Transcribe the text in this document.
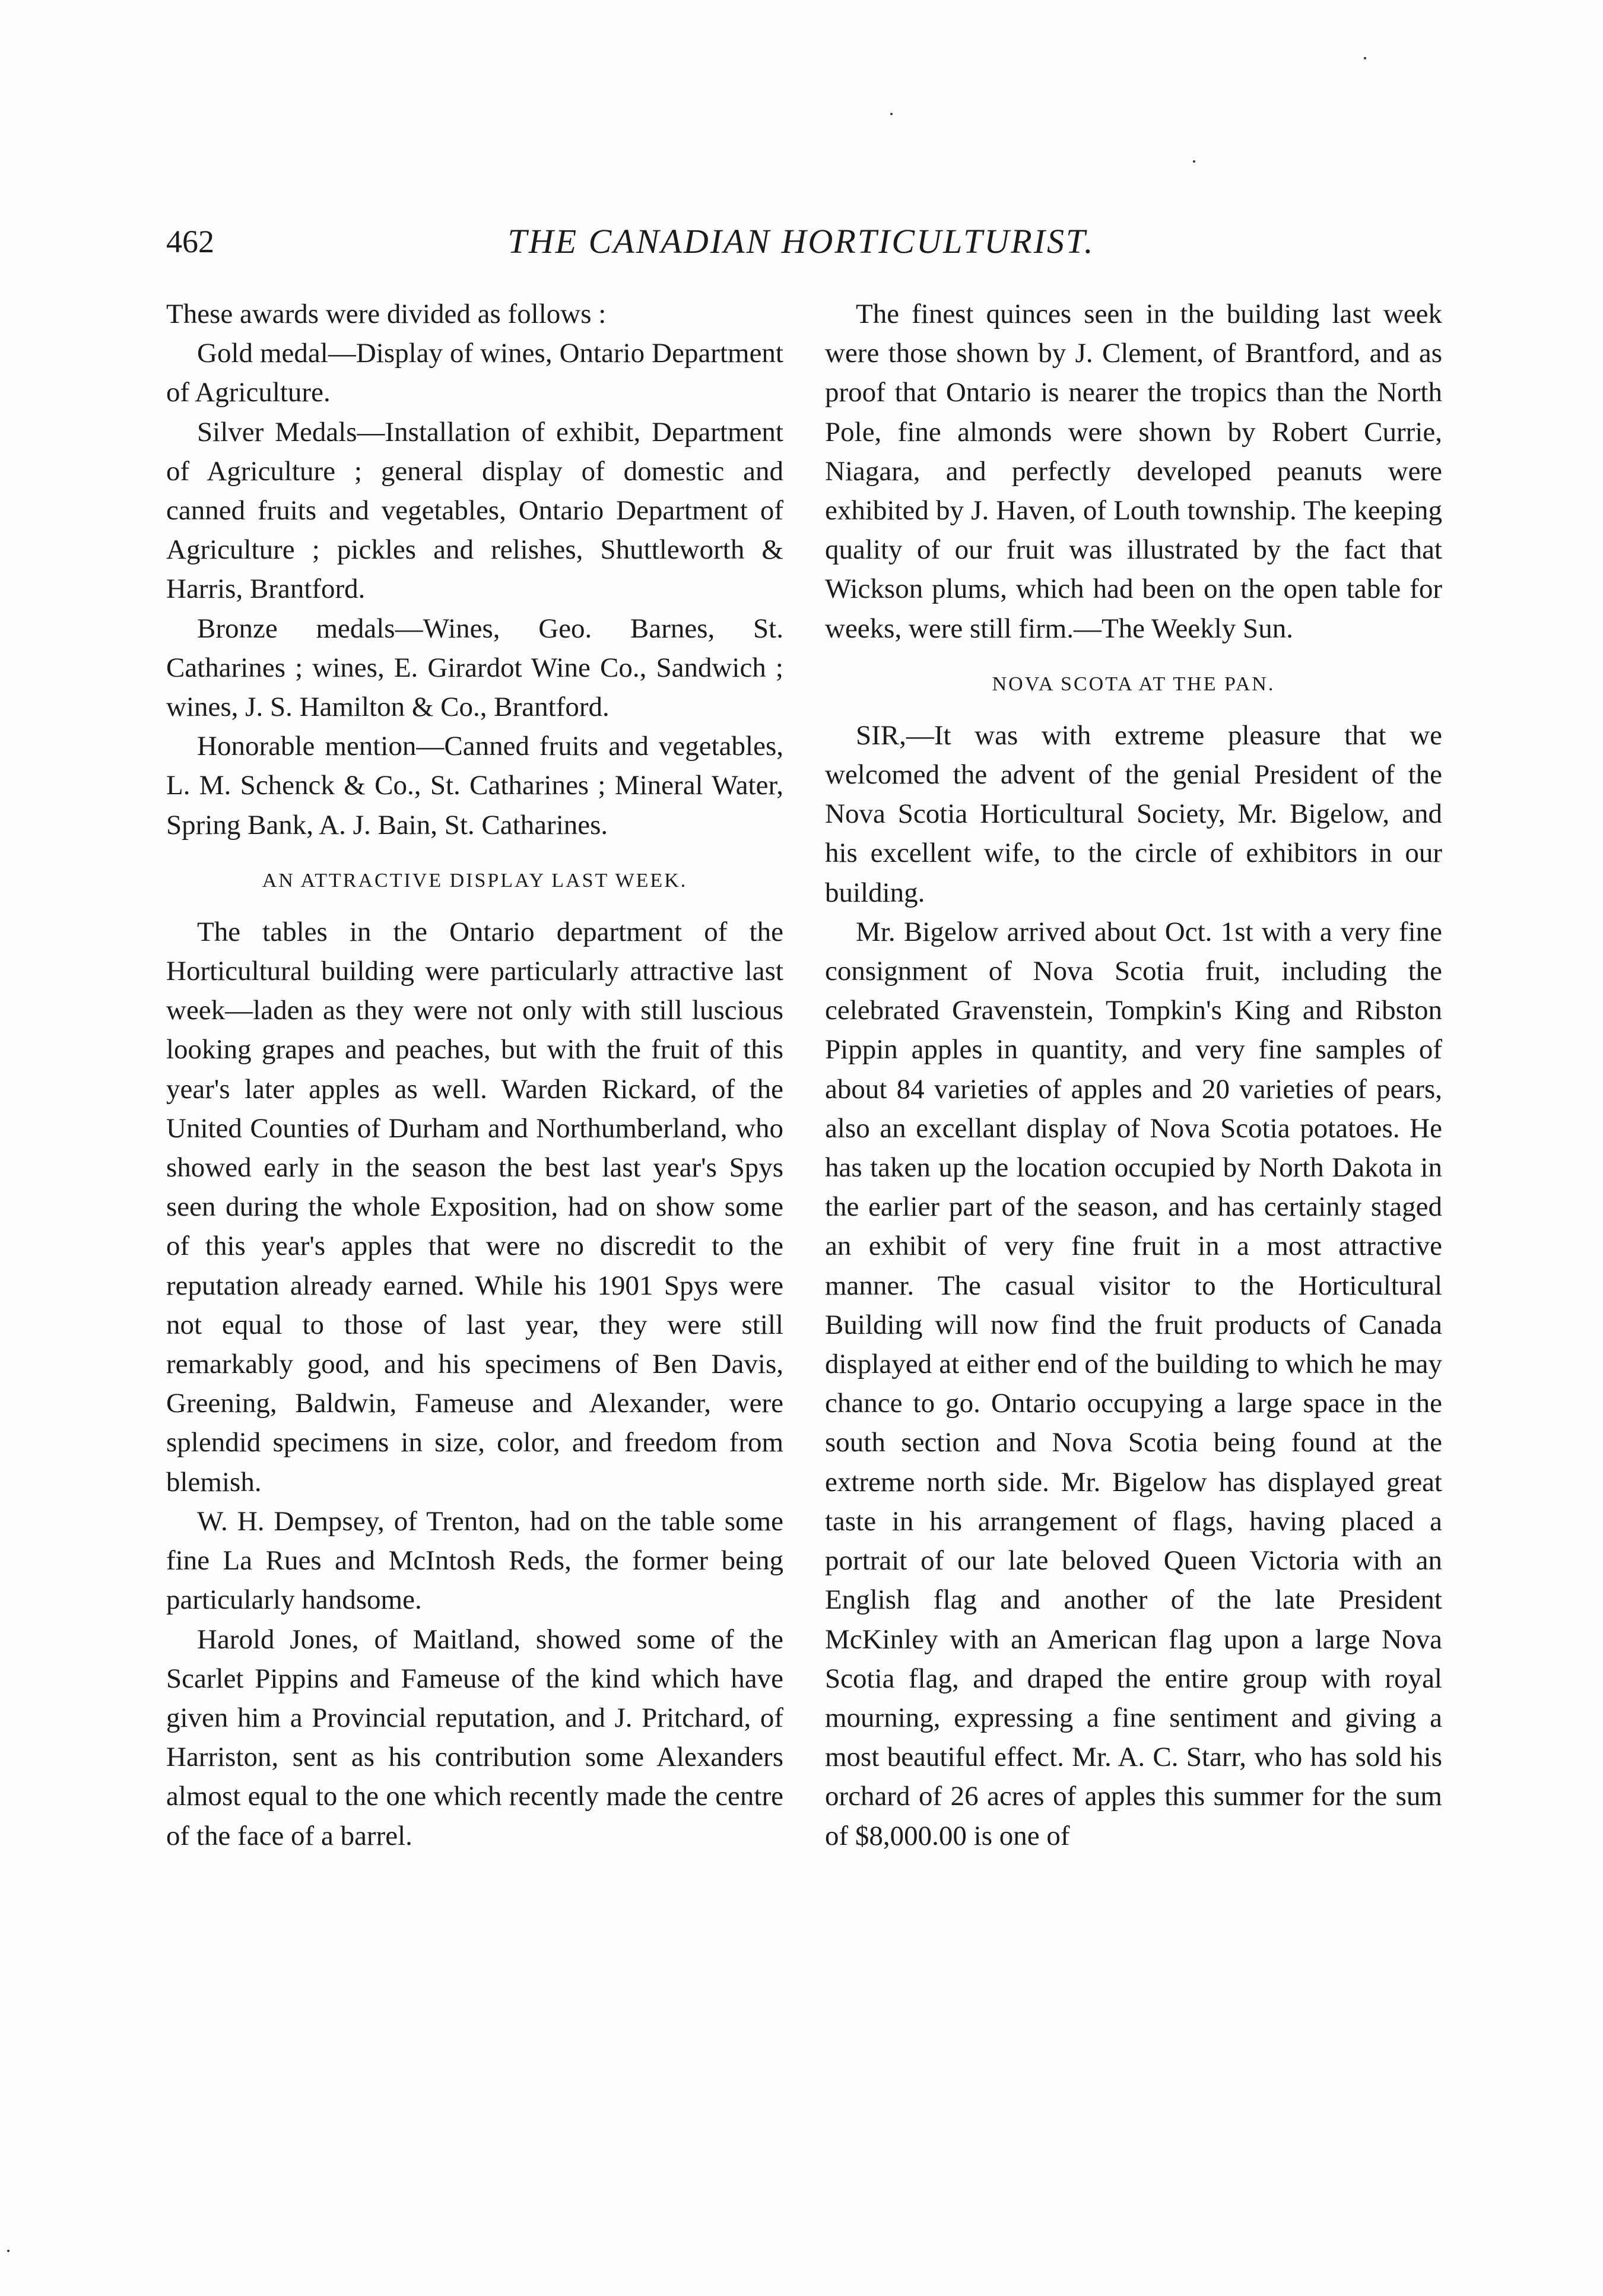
462	THE CANADIAN HORTICULTURIST.

These awards were divided as follows :

Gold medal—Display of wines, Ontario Department of Agriculture.

Silver Medals—Installation of exhibit, Department of Agriculture ; general display of domestic and canned fruits and vegetables, Ontario Department of Agriculture ; pickles and relishes, Shuttleworth & Harris, Brantford.

Bronze medals—Wines, Geo. Barnes, St. Catharines ; wines, E. Girardot Wine Co., Sandwich ; wines, J. S. Hamilton & Co., Brantford.

Honorable mention—Canned fruits and vegetables, L. M. Schenck & Co., St. Catharines ; Mineral Water, Spring Bank, A. J. Bain, St. Catharines.

AN ATTRACTIVE DISPLAY LAST WEEK.

The tables in the Ontario department of the Horticultural building were particularly attractive last week—laden as they were not only with still luscious looking grapes and peaches, but with the fruit of this year's later apples as well. Warden Rickard, of the United Counties of Durham and Northumberland, who showed early in the season the best last year's Spys seen during the whole Exposition, had on show some of this year's apples that were no discredit to the reputation already earned. While his 1901 Spys were not equal to those of last year, they were still remarkably good, and his specimens of Ben Davis, Greening, Baldwin, Fameuse and Alexander, were splendid specimens in size, color, and freedom from blemish.

W. H. Dempsey, of Trenton, had on the table some fine La Rues and McIntosh Reds, the former being particularly handsome.

Harold Jones, of Maitland, showed some of the Scarlet Pippins and Fameuse of the kind which have given him a Provincial reputation, and J. Pritchard, of Harriston, sent as his contribution some Alexanders almost equal to the one which recently made the centre of the face of a barrel.

The finest quinces seen in the building last week were those shown by J. Clement, of Brantford, and as proof that Ontario is nearer the tropics than the North Pole, fine almonds were shown by Robert Currie, Niagara, and perfectly developed peanuts were exhibited by J. Haven, of Louth township. The keeping quality of our fruit was illustrated by the fact that Wickson plums, which had been on the open table for weeks, were still firm.—The Weekly Sun.

NOVA SCOTA AT THE PAN.

SIR,—It was with extreme pleasure that we welcomed the advent of the genial President of the Nova Scotia Horticultural Society, Mr. Bigelow, and his excellent wife, to the circle of exhibitors in our building.

Mr. Bigelow arrived about Oct. 1st with a very fine consignment of Nova Scotia fruit, including the celebrated Gravenstein, Tompkin's King and Ribston Pippin apples in quantity, and very fine samples of about 84 varieties of apples and 20 varieties of pears, also an excellant display of Nova Scotia potatoes. He has taken up the location occupied by North Dakota in the earlier part of the season, and has certainly staged an exhibit of very fine fruit in a most attractive manner. The casual visitor to the Horticultural Building will now find the fruit products of Canada displayed at either end of the building to which he may chance to go. Ontario occupying a large space in the south section and Nova Scotia being found at the extreme north side. Mr. Bigelow has displayed great taste in his arrangement of flags, having placed a portrait of our late beloved Queen Victoria with an English flag and another of the late President McKinley with an American flag upon a large Nova Scotia flag, and draped the entire group with royal mourning, expressing a fine sentiment and giving a most beautiful effect. Mr. A. C. Starr, who has sold his orchard of 26 acres of apples this summer for the sum of $8,000.00 is one of
